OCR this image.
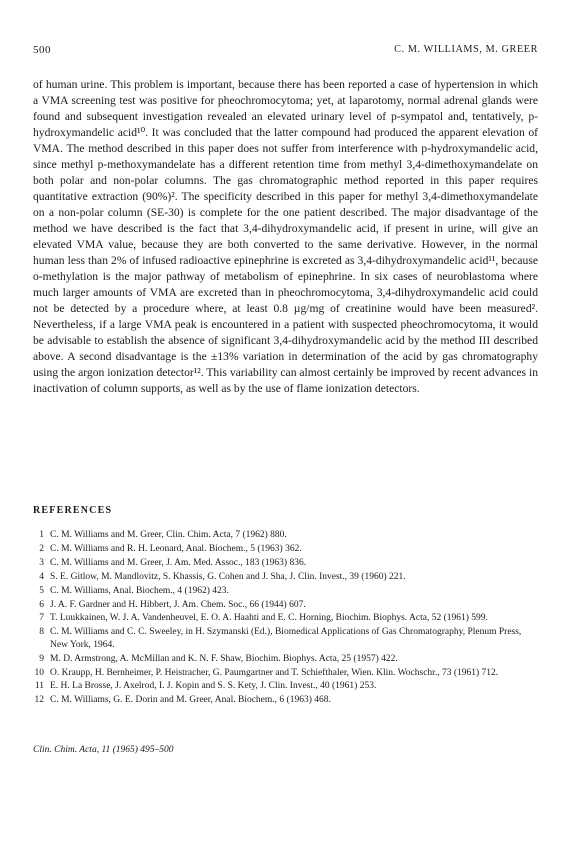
500	C. M. WILLIAMS, M. GREER

of human urine. This problem is important, because there has been reported a case of hypertension in which a VMA screening test was positive for pheochromocytoma; yet, at laparotomy, normal adrenal glands were found and subsequent investigation revealed an elevated urinary level of p-sympatol and, tentatively, p-hydroxymandelic acid¹⁰. It was concluded that the latter compound had produced the apparent elevation of VMA. The method described in this paper does not suffer from interference with p-hydroxymandelic acid, since methyl p-methoxymandelate has a different retention time from methyl 3,4-dimethoxymandelate on both polar and non-polar columns. The gas chromatographic method reported in this paper requires quantitative extraction (90%)². The specificity described in this paper for methyl 3,4-dimethoxymandelate on a non-polar column (SE-30) is complete for the one patient described. The major disadvantage of the method we have described is the fact that 3,4-dihydroxymandelic acid, if present in urine, will give an elevated VMA value, because they are both converted to the same derivative. However, in the normal human less than 2% of infused radioactive epinephrine is excreted as 3,4-dihydroxymandelic acid¹¹, because o-methylation is the major pathway of metabolism of epinephrine. In six cases of neuroblastoma where much larger amounts of VMA are excreted than in pheochromocytoma, 3,4-dihydroxymandelic acid could not be detected by a procedure where, at least 0.8 µg/mg of creatinine would have been measured². Nevertheless, if a large VMA peak is encountered in a patient with suspected pheochromocytoma, it would be advisable to establish the absence of significant 3,4-dihydroxymandelic acid by the method III described above. A second disadvantage is the ±13% variation in determination of the acid by gas chromatography using the argon ionization detector¹². This variability can almost certainly be improved by recent advances in inactivation of column supports, as well as by the use of flame ionization detectors.

REFERENCES
1 C. M. Williams and M. Greer, Clin. Chim. Acta, 7 (1962) 880.
2 C. M. Williams and R. H. Leonard, Anal. Biochem., 5 (1963) 362.
3 C. M. Williams and M. Greer, J. Am. Med. Assoc., 183 (1963) 836.
4 S. E. Gitlow, M. Mandlovitz, S. Khassis, G. Cohen and J. Sha, J. Clin. Invest., 39 (1960) 221.
5 C. M. Williams, Anal. Biochem., 4 (1962) 423.
6 J. A. F. Gardner and H. Hibbert, J. Am. Chem. Soc., 66 (1944) 607.
7 T. Luukkainen, W. J. A. Vandenheuvel, E. O. A. Haahti and E. C. Horning, Biochim. Biophys. Acta, 52 (1961) 599.
8 C. M. Williams and C. C. Sweeley, in H. Szymanski (Ed.), Biomedical Applications of Gas Chromatography, Plenum Press, New York, 1964.
9 M. D. Armstrong, A. McMillan and K. N. F. Shaw, Biochim. Biophys. Acta, 25 (1957) 422.
10 O. Kraupp, H. Bernheimer, P. Heistracher, G. Paumgartner and T. Schiefthaler, Wien. Klin. Wochschr., 73 (1961) 712.
11 E. H. La Brosse, J. Axelrod, I. J. Kopin and S. S. Kety, J. Clin. Invest., 40 (1961) 253.
12 C. M. Williams, G. E. Dorin and M. Greer, Anal. Biochem., 6 (1963) 468.

Clin. Chim. Acta, 11 (1965) 495–500
